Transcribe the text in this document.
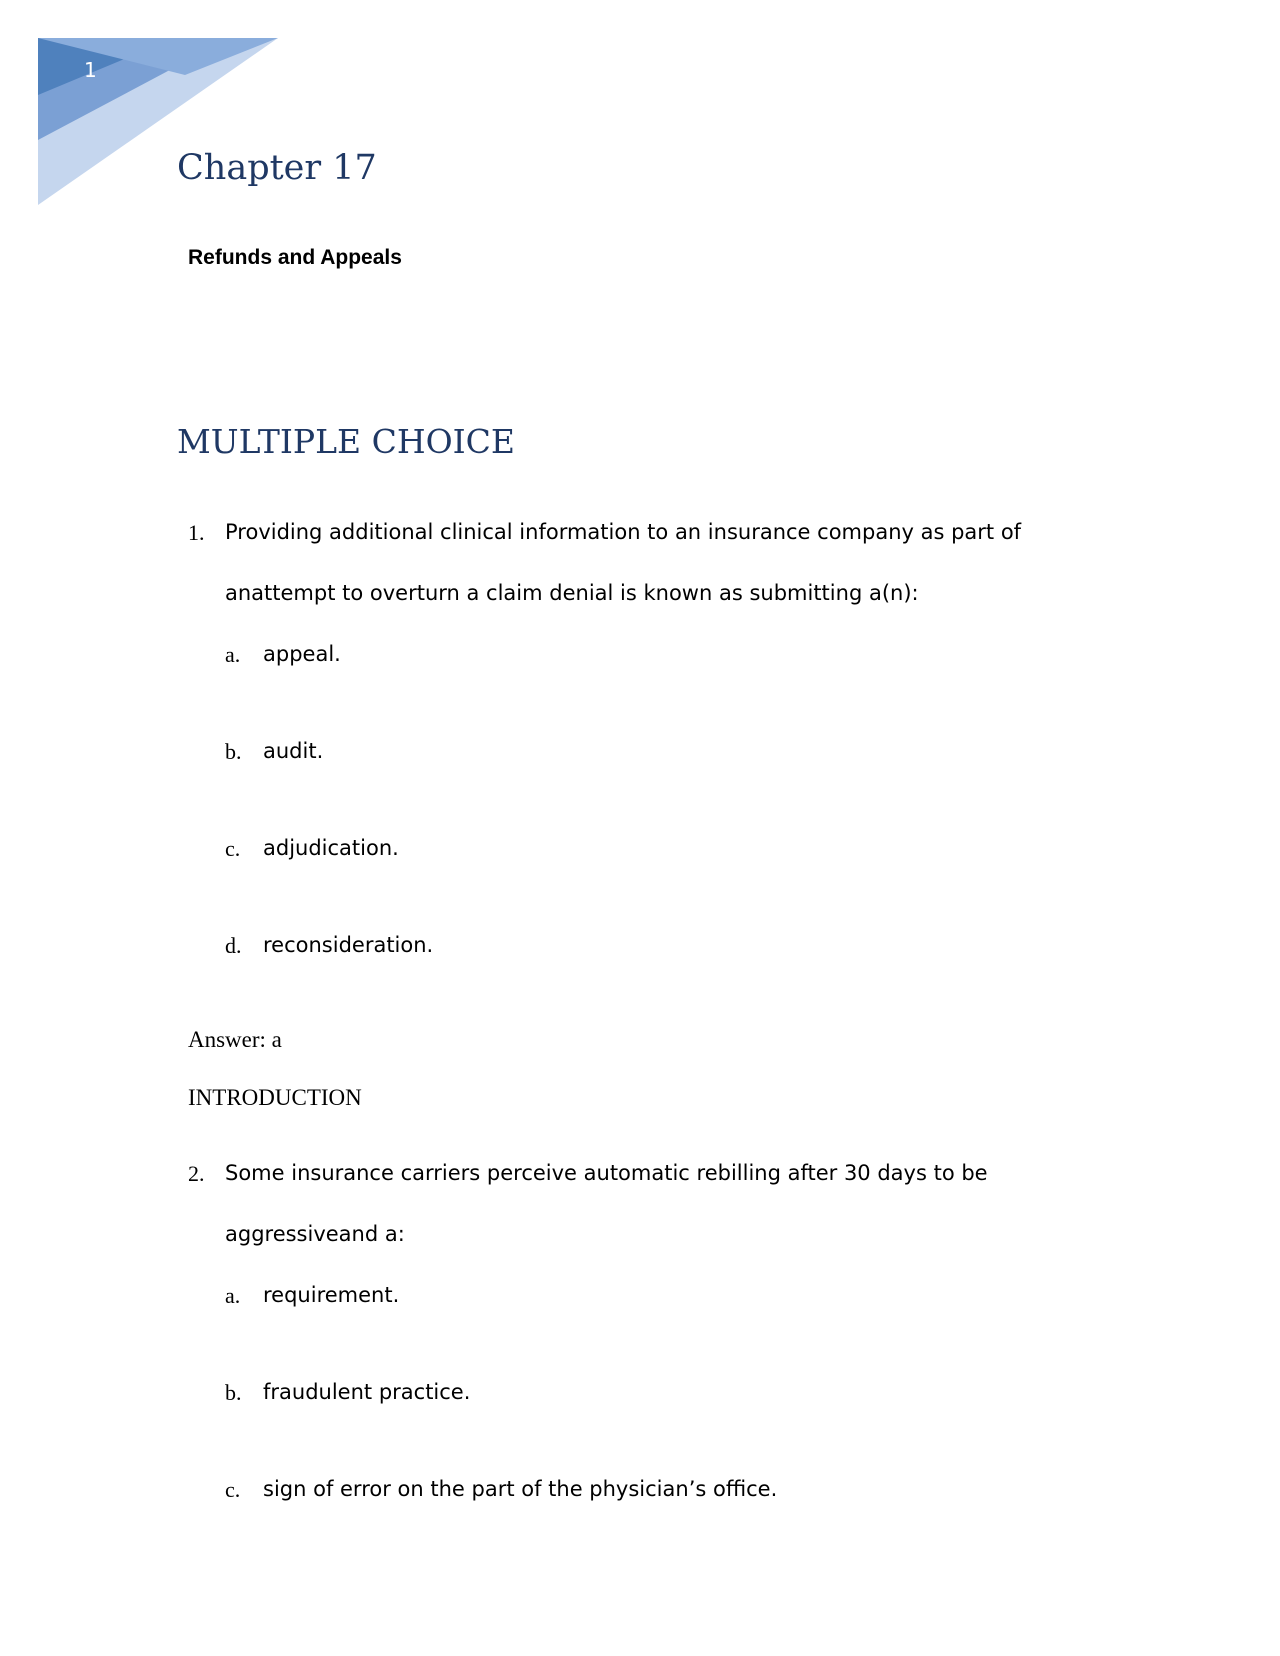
1
Chapter 17
Refunds and Appeals
MULTIPLE CHOICE
1. Providing additional clinical information to an insurance company as part of
anattempt to overturn a claim denial is known as submitting a(n):
a. appeal.
b. audit.
c. adjudication.
d. reconsideration.
Answer: a
INTRODUCTION
2. Some insurance carriers perceive automatic rebilling after 30 days to be
aggressiveand a:
a. requirement.
b. fraudulent practice.
c. sign of error on the part of the physician’s office.
